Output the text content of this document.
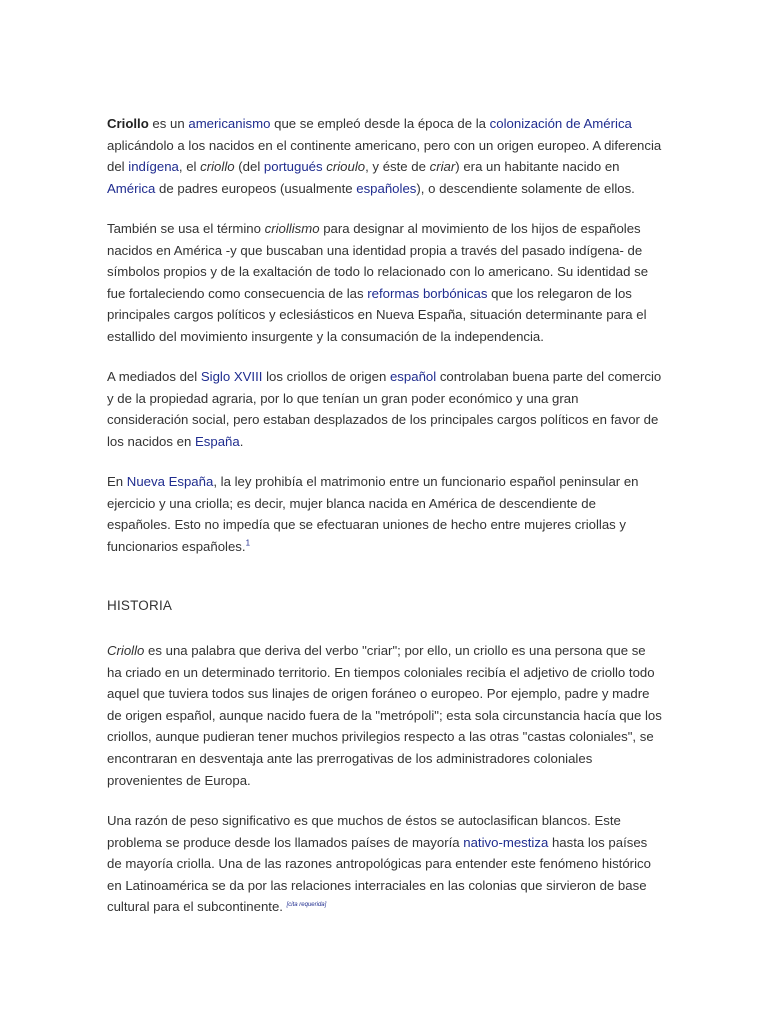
Criollo es un americanismo que se empleó desde la época de la colonización de América aplicándolo a los nacidos en el continente americano, pero con un origen europeo. A diferencia del indígena, el criollo (del portugués crioulo, y éste de criar) era un habitante nacido en América de padres europeos (usualmente españoles), o descendiente solamente de ellos.

También se usa el término criollismo para designar al movimiento de los hijos de españoles nacidos en América -y que buscaban una identidad propia a través del pasado indígena- de símbolos propios y de la exaltación de todo lo relacionado con lo americano. Su identidad se fue fortaleciendo como consecuencia de las reformas borbónicas que los relegaron de los principales cargos políticos y eclesiásticos en Nueva España, situación determinante para el estallido del movimiento insurgente y la consumación de la independencia.

A mediados del Siglo XVIII los criollos de origen español controlaban buena parte del comercio y de la propiedad agraria, por lo que tenían un gran poder económico y una gran consideración social, pero estaban desplazados de los principales cargos políticos en favor de los nacidos en España.

En Nueva España, la ley prohibía el matrimonio entre un funcionario español peninsular en ejercicio y una criolla; es decir, mujer blanca nacida en América de descendiente de españoles. Esto no impedía que se efectuaran uniones de hecho entre mujeres criollas y funcionarios españoles.$^1$

HISTORIA

Criollo es una palabra que deriva del verbo "criar"; por ello, un criollo es una persona que se ha criado en un determinado territorio. En tiempos coloniales recibía el adjetivo de criollo todo aquel que tuviera todos sus linajes de origen foráneo o europeo. Por ejemplo, padre y madre de origen español, aunque nacido fuera de la "metrópoli"; esta sola circunstancia hacía que los criollos, aunque pudieran tener muchos privilegios respecto a las otras "castas coloniales", se encontraran en desventaja ante las prerrogativas de los administradores coloniales provenientes de Europa.

Una razón de peso significativo es que muchos de éstos se autoclasifican blancos. Este problema se produce desde los llamados países de mayoría nativo-mestiza hasta los países de mayoría criolla. Una de las razones antropológicas para entender este fenómeno histórico en Latinoamérica se da por las relaciones interraciales en las colonias que sirvieron de base cultural para el subcontinente. [cita requerida]
